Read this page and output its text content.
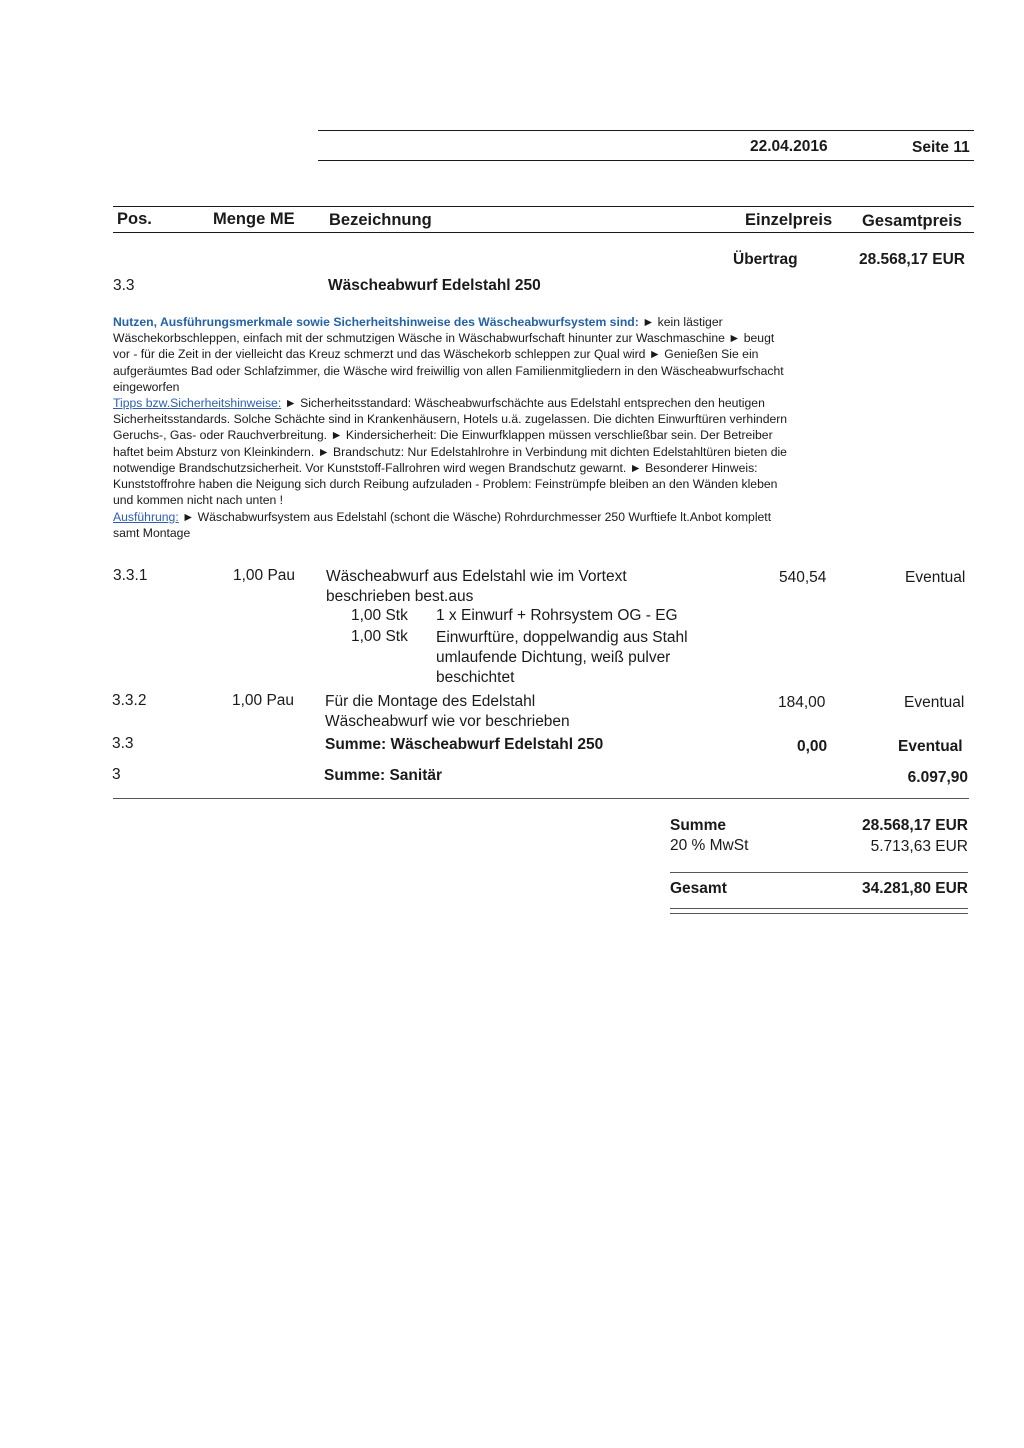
22.04.2016	Seite 11
Pos.	Menge ME Bezeichnung	Einzelpreis Gesamtpreis
Übertrag	28.568,17 EUR
3.3	Wäscheabwurf Edelstahl 250
Nutzen, Ausführungsmerkmale sowie Sicherheitshinweise des Wäscheabwurfsystem sind: ► kein lästiger
Wäschekorbschleppen, einfach mit der schmutzigen Wäsche in Wäschabwurfschaft hinunter zur Waschmaschine ► beugt
vor - für die Zeit in der vielleicht das Kreuz schmerzt und das Wäschekorb schleppen zur Qual wird ► Genießen Sie ein
aufgeräumtes Bad oder Schlafzimmer, die Wäsche wird freiwillig von allen Familienmitgliedern in den Wäscheabwurfschacht
eingeworfen
Tipps bzw.Sicherheitshinweise: ► Sicherheitsstandard: Wäscheabwurfschächte aus Edelstahl entsprechen den heutigen
Sicherheitsstandards. Solche Schächte sind in Krankenhäusern, Hotels u.ä. zugelassen. Die dichten Einwurftüren verhindern
Geruchs-, Gas- oder Rauchverbreitung. ► Kindersicherheit: Die Einwurfklappen müssen verschließbar sein. Der Betreiber
haftet beim Absturz von Kleinkindern. ► Brandschutz: Nur Edelstahlrohre in Verbindung mit dichten Edelstahltüren bieten die
notwendige Brandschutzsicherheit. Vor Kunststoff-Fallrohren wird wegen Brandschutz gewarnt. ► Besonderer Hinweis:
Kunststoffrohre haben die Neigung sich durch Reibung aufzuladen - Problem: Feinstrümpfe bleiben an den Wänden kleben
und kommen nicht nach unten !
Ausführung: ► Wäschabwurfsystem aus Edelstahl (schont die Wäsche) Rohrdurchmesser 250 Wurftiefe lt.Anbot komplett
samt Montage
3.3.1	1,00 Pau Wäscheabwurf aus Edelstahl wie im Vortext
beschrieben best.aus
540,54	Eventual
1,00 Stk 1 x Einwurf + Rohrsystem OG - EG
1,00 Stk Einwurftüre, doppelwandig aus Stahl
umlaufende Dichtung, weiß pulver
beschichtet
3.3.2	1,00 Pau Für die Montage des Edelstahl
Wäscheabwurf wie vor beschrieben
184,00	Eventual
3.3	Summe: Wäscheabwurf Edelstahl 250	0,00	Eventual
3	Summe: Sanitär	6.097,90
Summe	28.568,17 EUR
20 % MwSt	5.713,63 EUR
Gesamt	34.281,80 EUR
